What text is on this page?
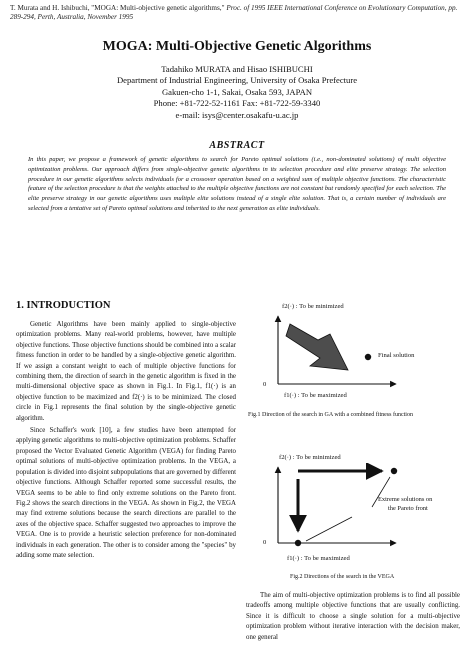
T. Murata and H. Ishibuchi, "MOGA: Multi-objective genetic algorithms," Proc. of 1995 IEEE International Conference on Evolutionary Computation, pp. 289-294, Perth, Australia, November 1995
MOGA: Multi-Objective Genetic Algorithms
Tadahiko MURATA and Hisao ISHIBUCHI
Department of Industrial Engineering, University of Osaka Prefecture
Gakuen-cho 1-1, Sakai, Osaka 593, JAPAN
Phone: +81-722-52-1161 Fax: +81-722-59-3340
e-mail: isys@center.osakafu-u.ac.jp
ABSTRACT
In this paper, we propose a framework of genetic algorithms to search for Pareto optimal solutions (i.e., non-dominated solutions) of multi objective optimization problems. Our approach differs from single-objective genetic algorithms in its selection procedure and elite preserve strategy. The selection procedure in our genetic algorithms selects individuals for a crossover operation based on a weighted sum of multiple objective functions. The characteristic feature of the selection procedure is that the weights attached to the multiple objective functions are not constant but randomly specified for each selection. The elite preserve strategy in our genetic algorithms uses multiple elite solutions instead of a single elite solution. That is, a certain number of individuals are selected from a tentative set of Pareto optimal solutions and inherited to the next generation as elite individuals.
1. INTRODUCTION

Genetic Algorithms have been mainly applied to single-objective optimization problems. Many real-world problems, however, have multiple objective functions. Those objective functions should be combined into a scalar fitness function in order to be handled by a single-objective genetic algorithm. If we assign a constant weight to each of multiple objective functions for combining them, the direction of search in the genetic algorithm is fixed in the multi-dimensional objective space as shown in Fig.1. In Fig.1, f1(·) is an objective function to be maximized and f2(·) is to be minimized. The closed circle in Fig.1 represents the final solution by the single-objective genetic algorithm.

Since Schaffer's work [10], a few studies have been attempted for applying genetic algorithms to multi-objective optimization problems. Schaffer proposed the Vector Evaluated Genetic Algorithm (VEGA) for finding Pareto optimal solutions of multi-objective optimization problems. In the VEGA, a population is divided into disjoint subpopulations that are governed by different objective functions. Although Schaffer reported some successful results, the VEGA seems to be able to find only extreme solutions on the Pareto front. Fig.2 shows the search directions in the VEGA. As shown in Fig.2, the VEGA may find extreme solutions because the search directions are parallel to the axes of the objective space. Schaffer suggested two approaches to improve the VEGA. One is to provide a heuristic selection preference for non-dominated individuals in each generation. The other is to consider among the "species" by adding some mate selection.

f2(·) : To be minimized
0
Final solution
f1(·) : To be maximized
Fig.1 Direction of the search in GA with a combined fitness function
f2(·) : To be minimized
Extreme solutions on
the Pareto front
0
f1(·) : To be maximized
Fig.2 Directions of the search in the VEGA

The aim of multi-objective optimization problems is to find all possible tradeoffs among multiple objective functions that are usually conflicting. Since it is difficult to choose a single solution for a multi-objective optimization problem without iterative interaction with the decision maker, one general
